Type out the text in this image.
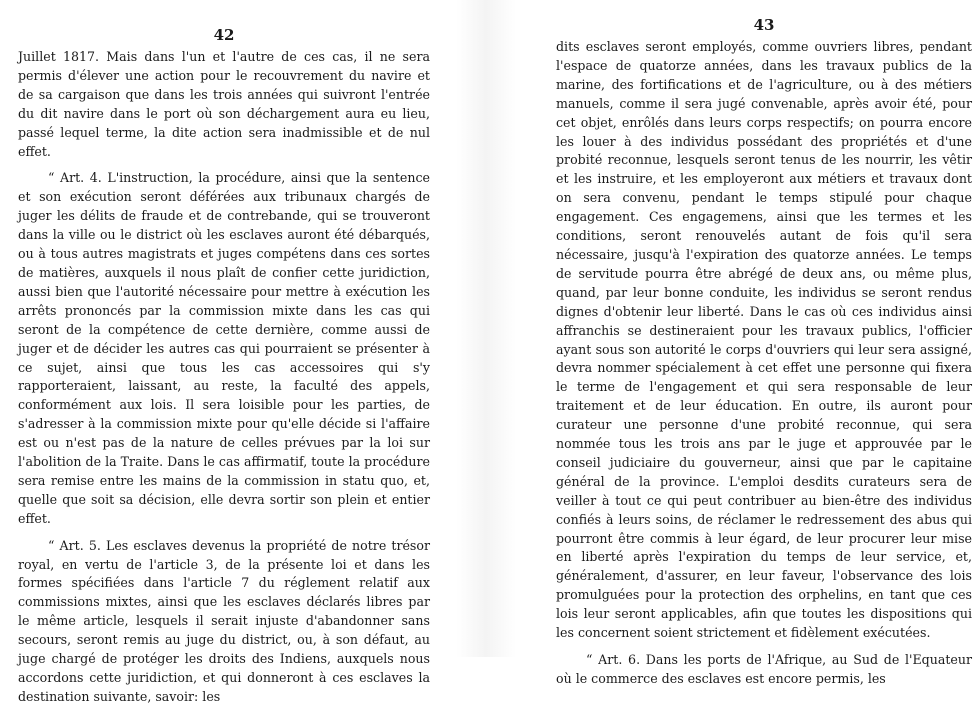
42

Juillet 1817. Mais dans l'un et l'autre de ces cas, il ne sera permis d'élever une action pour le recouvrement du navire et de sa cargaison que dans les trois années qui suivront l'entrée du dit navire dans le port où son déchargement aura eu lieu, passé lequel terme, la dite action sera inadmissible et de nul effet.

“ Art. 4. L'instruction, la procédure, ainsi que la sentence et son exécution seront déférées aux tribunaux chargés de juger les délits de fraude et de contrebande, qui se trouveront dans la ville ou le district où les esclaves auront été débarqués, ou à tous autres magistrats et juges compétens dans ces sortes de matières, auxquels il nous plaît de confier cette juridiction, aussi bien que l'autorité nécessaire pour mettre à exécution les arrêts prononcés par la commission mixte dans les cas qui seront de la compétence de cette dernière, comme aussi de juger et de décider les autres cas qui pourraient se présenter à ce sujet, ainsi que tous les cas accessoires qui s'y rapporteraient, laissant, au reste, la faculté des appels, conformément aux lois. Il sera loisible pour les parties, de s'adresser à la commission mixte pour qu'elle décide si l'affaire est ou n'est pas de la nature de celles prévues par la loi sur l'abolition de la Traite. Dans le cas affirmatif, toute la procédure sera remise entre les mains de la commission in statu quo, et, quelle que soit sa décision, elle devra sortir son plein et entier effet.

“ Art. 5. Les esclaves devenus la propriété de notre trésor royal, en vertu de l'article 3, de la présente loi et dans les formes spécifiées dans l'article 7 du réglement relatif aux commissions mixtes, ainsi que les esclaves déclarés libres par le même article, lesquels il serait injuste d'abandonner sans secours, seront remis au juge du district, ou, à son défaut, au juge chargé de protéger les droits des Indiens, auxquels nous accordons cette juridiction, et qui donneront à ces esclaves la destination suivante, savoir: les

43

dits esclaves seront employés, comme ouvriers libres, pendant l'espace de quatorze années, dans les travaux publics de la marine, des fortifications et de l'agriculture, ou à des métiers manuels, comme il sera jugé convenable, après avoir été, pour cet objet, enrôlés dans leurs corps respectifs; on pourra encore les louer à des individus possédant des propriétés et d'une probité reconnue, lesquels seront tenus de les nourrir, les vêtir et les instruire, et les employeront aux métiers et travaux dont on sera convenu, pendant le temps stipulé pour chaque engagement. Ces engagemens, ainsi que les termes et les conditions, seront renouvelés autant de fois qu'il sera nécessaire, jusqu'à l'expiration des quatorze années. Le temps de servitude pourra être abrégé de deux ans, ou même plus, quand, par leur bonne conduite, les individus se seront rendus dignes d'obtenir leur liberté. Dans le cas où ces individus ainsi affranchis se destineraient pour les travaux publics, l'officier ayant sous son autorité le corps d'ouvriers qui leur sera assigné, devra nommer spécialement à cet effet une personne qui fixera le terme de l'engagement et qui sera responsable de leur traitement et de leur éducation. En outre, ils auront pour curateur une personne d'une probité reconnue, qui sera nommée tous les trois ans par le juge et approuvée par le conseil judiciaire du gouverneur, ainsi que par le capitaine général de la province. L'emploi desdits curateurs sera de veiller à tout ce qui peut contribuer au bien-être des individus confiés à leurs soins, de réclamer le redressement des abus qui pourront être commis à leur égard, de leur procurer leur mise en liberté après l'expiration du temps de leur service, et, généralement, d'assurer, en leur faveur, l'observance des lois promulguées pour la protection des orphelins, en tant que ces lois leur seront applicables, afin que toutes les dispositions qui les concernent soient strictement et fidèlement exécutées.

“ Art. 6. Dans les ports de l'Afrique, au Sud de l'Equateur où le commerce des esclaves est encore permis, les
